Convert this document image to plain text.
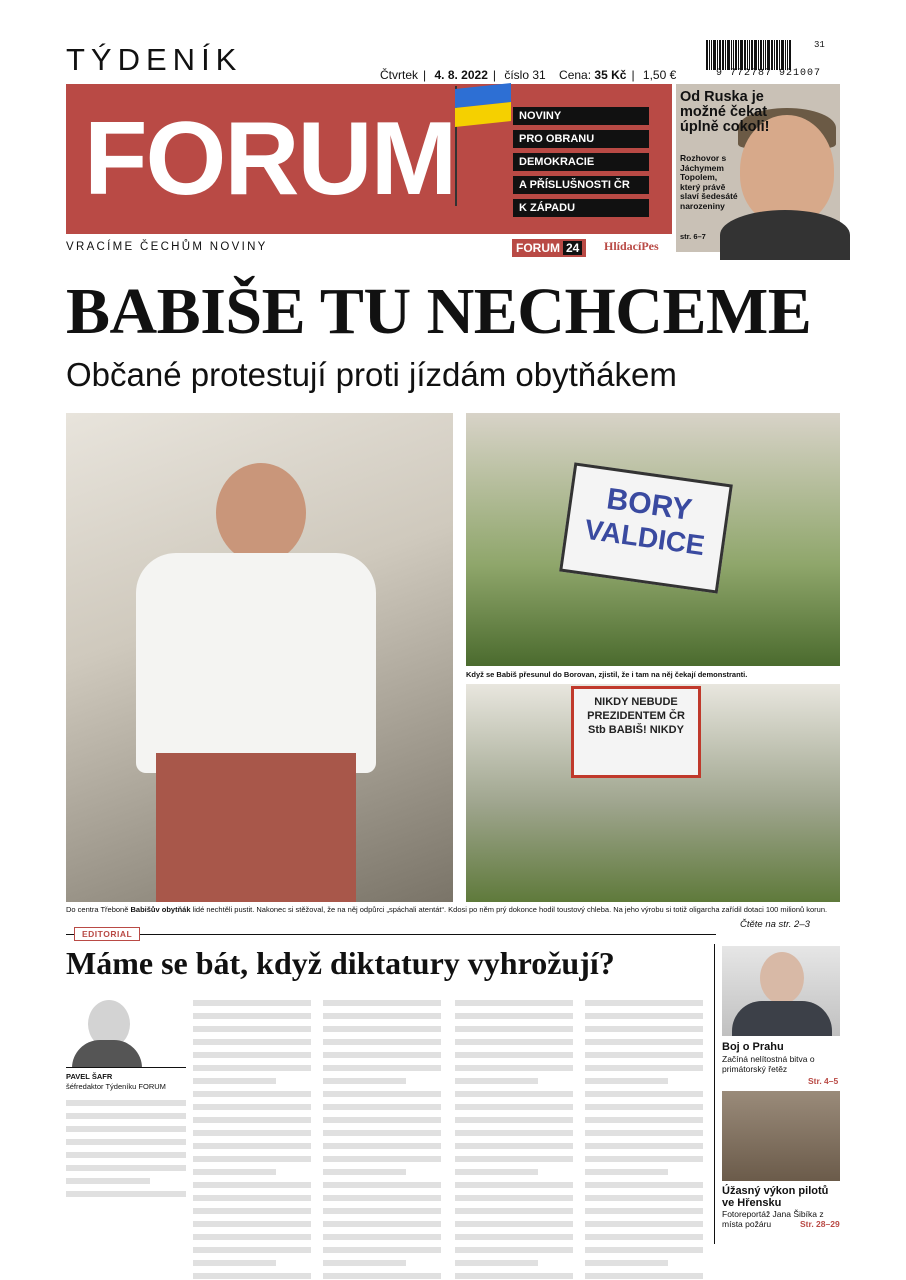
TÝDENÍK	Čtvrtek | 4. 8. 2022 | číslo 31 Cena: 35 Kč | 1,50 €
31
9 772787 921007
FORUM	NOVINY
PRO OBRANU
DEMOKRACIE
A PŘÍSLUŠNOSTI ČR
K ZÁPADU
Od Ruska je možné čekat úplně cokoli!
Rozhovor s Jáchymem Topolem, který právě slaví šedesáté narozeniny
str. 6–7
VRACÍME ČECHŮM NOVINY	FORUM 24	HlídacíPes
BABIŠE TU NECHCEME
Občané protestují proti jízdám obytňákem
BORY
VALDICE
Když se Babiš přesunul do Borovan, zjistil, že i tam na něj čekají demonstranti.
NIKDY NEBUDE PREZIDENTEM ČR Stb BABIŠ! NIKDY
Do centra Třeboně Babišův obytňák lidé nechtěli pustit. Nakonec si stěžoval, že na něj odpůrci „spáchali atentát“. Kdosi po něm prý dokonce hodil toustový chleba. Na jeho výrobu si totiž oligarcha zařídil dotaci 100 milionů korun.
Čtěte na str. 2–3
EDITORIAL
Máme se bát, když diktatury vyhrožují?
PAVEL ŠAFR
šéfredaktor Týdeníku FORUM
Boj o Prahu
Začíná nelítostná bitva o primátorský řetěz
Str. 4–5
Úžasný výkon pilotů ve Hřensku
Fotoreportáž Jana Šibíka z místa požáru	Str. 28–29
